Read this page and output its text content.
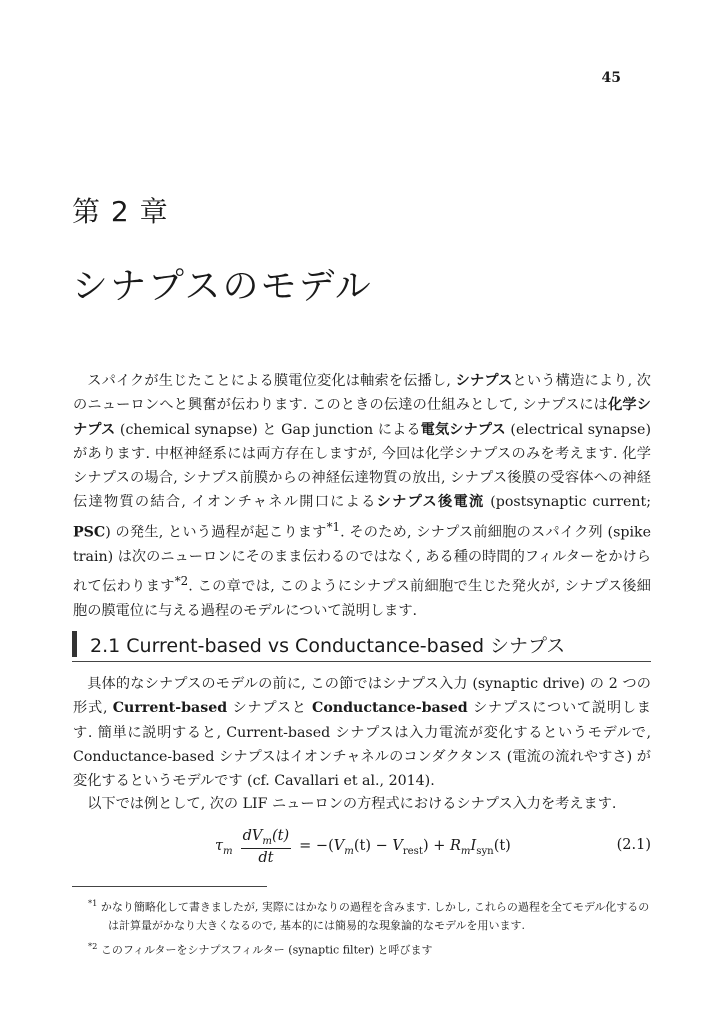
45
第 2 章
シナプスのモデル

スパイクが生じたことによる膜電位変化は軸索を伝播し, シナプスという構造により, 次のニューロンへと興奮が伝わります. このときの伝達の仕組みとして, シナプスには化学シナプス (chemical synapse) と Gap junction による電気シナプス (electrical synapse) があります. 中枢神経系には両方存在しますが, 今回は化学シナプスのみを考えます. 化学シナプスの場合, シナプス前膜からの神経伝達物質の放出, シナプス後膜の受容体への神経伝達物質の結合, イオンチャネル開口によるシナプス後電流 (postsynaptic current; PSC) の発生, という過程が起こります$^{*1}$. そのため, シナプス前細胞のスパイク列 (spike train) は次のニューロンにそのまま伝わるのではなく, ある種の時間的フィルターをかけられて伝わります$^{*2}$. この章では, このようにシナプス前細胞で生じた発火が, シナプス後細胞の膜電位に与える過程のモデルについて説明します.

2.1 Current-based vs Conductance-based シナプス

具体的なシナプスのモデルの前に, この節ではシナプス入力 (synaptic drive) の 2 つの形式, Current-based シナプスと Conductance-based シナプスについて説明します. 簡単に説明すると, Current-based シナプスは入力電流が変化するというモデルで, Conductance-based シナプスはイオンチャネルのコンダクタンス (電流の流れやすさ) が変化するというモデルです (cf. Cavallari et al., 2014).

以下では例として, 次の LIF ニューロンの方程式におけるシナプス入力を考えます.

$\tau_m \frac{dV_m(t)}{dt} = -(V_m(t) - V_{rest}) + R_mI_{syn}(t)$	(2.1)
$^{*1}$ かなり簡略化して書きましたが, 実際にはかなりの過程を含みます. しかし, これらの過程を全てモデル化するのは計算量がかなり大きくなるので, 基本的には簡易的な現象論的なモデルを用います.
$^{*2}$ このフィルターをシナプスフィルター (synaptic filter) と呼びます
